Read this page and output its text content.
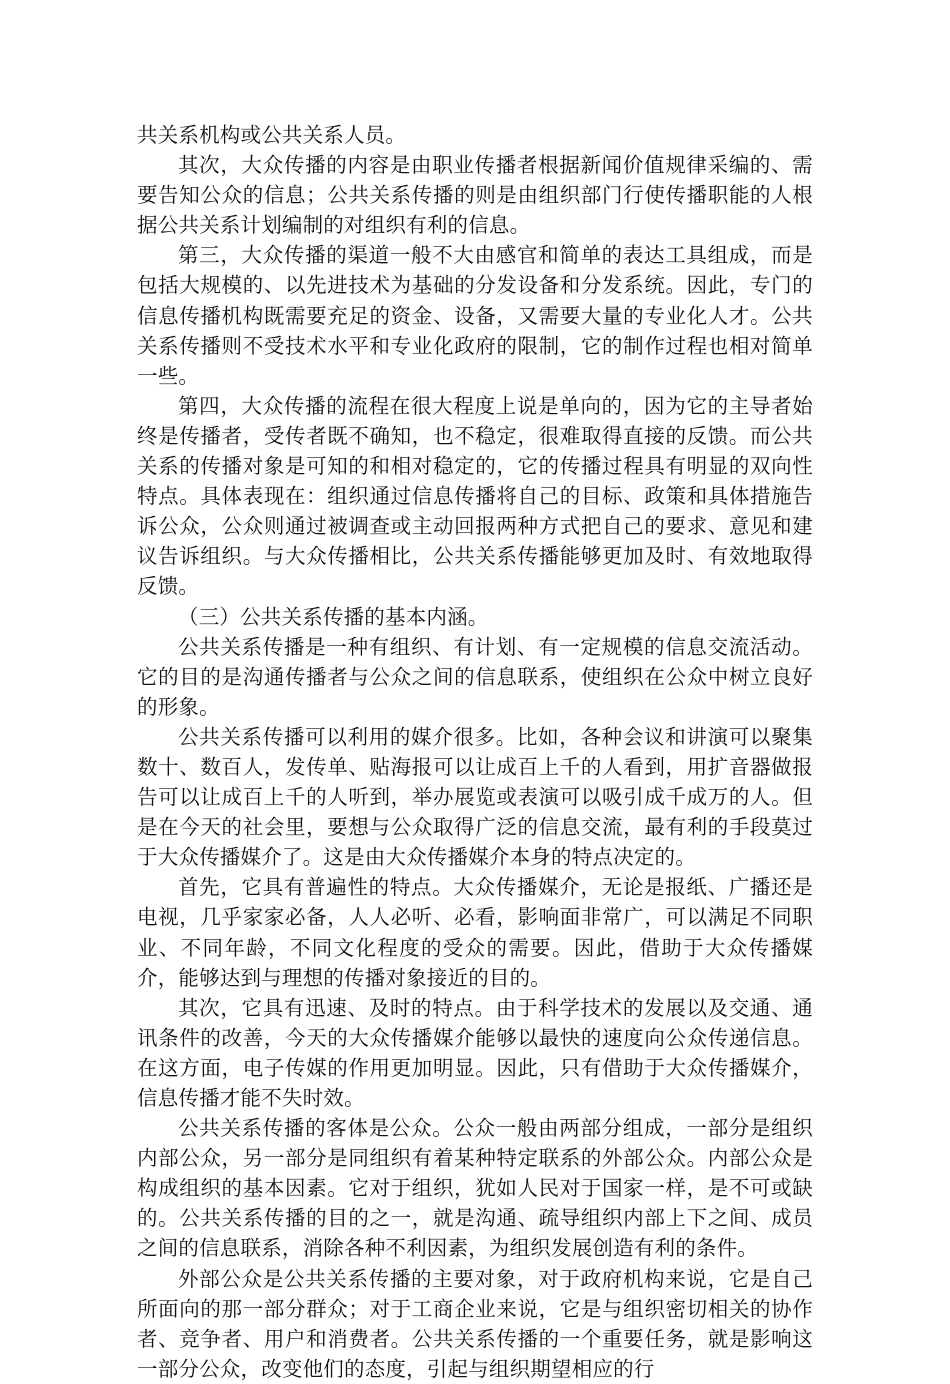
共关系机构或公共关系人员。

其次，大众传播的内容是由职业传播者根据新闻价值规律采编的、需要告知公众的信息；公共关系传播的则是由组织部门行使传播职能的人根据公共关系计划编制的对组织有利的信息。

第三，大众传播的渠道一般不大由感官和简单的表达工具组成，而是包括大规模的、以先进技术为基础的分发设备和分发系统。因此，专门的信息传播机构既需要充足的资金、设备，又需要大量的专业化人才。公共关系传播则不受技术水平和专业化政府的限制，它的制作过程也相对简单一些。

第四，大众传播的流程在很大程度上说是单向的，因为它的主导者始终是传播者，受传者既不确知，也不稳定，很难取得直接的反馈。而公共关系的传播对象是可知的和相对稳定的，它的传播过程具有明显的双向性特点。具体表现在：组织通过信息传播将自己的目标、政策和具体措施告诉公众，公众则通过被调查或主动回报两种方式把自己的要求、意见和建议告诉组织。与大众传播相比，公共关系传播能够更加及时、有效地取得反馈。

（三）公共关系传播的基本内涵。

公共关系传播是一种有组织、有计划、有一定规模的信息交流活动。它的目的是沟通传播者与公众之间的信息联系，使组织在公众中树立良好的形象。

公共关系传播可以利用的媒介很多。比如，各种会议和讲演可以聚集数十、数百人，发传单、贴海报可以让成百上千的人看到，用扩音器做报告可以让成百上千的人听到，举办展览或表演可以吸引成千成万的人。但是在今天的社会里，要想与公众取得广泛的信息交流，最有利的手段莫过于大众传播媒介了。这是由大众传播媒介本身的特点决定的。

首先，它具有普遍性的特点。大众传播媒介，无论是报纸、广播还是电视，几乎家家必备，人人必听、必看，影响面非常广，可以满足不同职业、不同年龄，不同文化程度的受众的需要。因此，借助于大众传播媒介，能够达到与理想的传播对象接近的目的。

其次，它具有迅速、及时的特点。由于科学技术的发展以及交通、通讯条件的改善，今天的大众传播媒介能够以最快的速度向公众传递信息。在这方面，电子传媒的作用更加明显。因此，只有借助于大众传播媒介，信息传播才能不失时效。

公共关系传播的客体是公众。公众一般由两部分组成，一部分是组织内部公众，另一部分是同组织有着某种特定联系的外部公众。内部公众是构成组织的基本因素。它对于组织，犹如人民对于国家一样，是不可或缺的。公共关系传播的目的之一，就是沟通、疏导组织内部上下之间、成员之间的信息联系，消除各种不利因素，为组织发展创造有利的条件。

外部公众是公共关系传播的主要对象，对于政府机构来说，它是自己所面向的那一部分群众；对于工商企业来说，它是与组织密切相关的协作者、竞争者、用户和消费者。公共关系传播的一个重要任务，就是影响这一部分公众，改变他们的态度，引起与组织期望相应的行
